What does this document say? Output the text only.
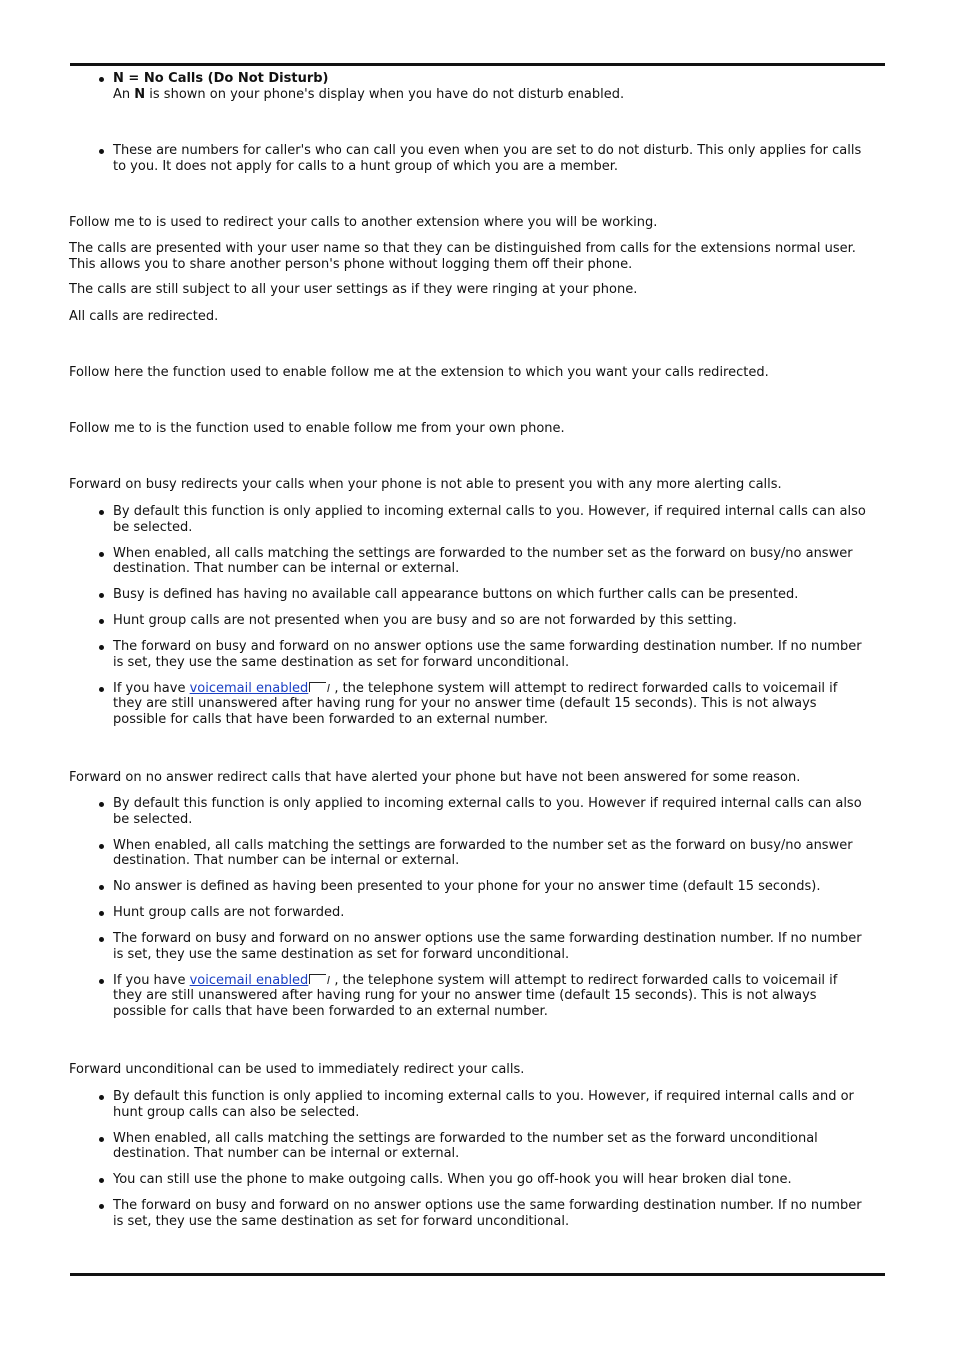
N = No Calls (Do Not Disturb)
An N is shown on your phone's display when you have do not disturb enabled.
These are numbers for caller's who can call you even when you are set to do not disturb. This only applies for calls to you. It does not apply for calls to a hunt group of which you are a member.

Follow me to is used to redirect your calls to another extension where you will be working.

The calls are presented with your user name so that they can be distinguished from calls for the extensions normal user. This allows you to share another person's phone without logging them off their phone.

The calls are still subject to all your user settings as if they were ringing at your phone.

All calls are redirected.

Follow here the function used to enable follow me at the extension to which you want your calls redirected.

Follow me to is the function used to enable follow me from your own phone.

Forward on busy redirects your calls when your phone is not able to present you with any more alerting calls.

By default this function is only applied to incoming external calls to you. However, if required internal calls can also be selected.
When enabled, all calls matching the settings are forwarded to the number set as the forward on busy/no answer destination. That number can be internal or external.
Busy is defined has having no available call appearance buttons on which further calls can be presented.
Hunt group calls are not presented when you are busy and so are not forwarded by this setting.
The forward on busy and forward on no answer options use the same forwarding destination number. If no number is set, they use the same destination as set for forward unconditional.
If you have voicemail enabled , the telephone system will attempt to redirect forwarded calls to voicemail if they are still unanswered after having rung for your no answer time (default 15 seconds). This is not always possible for calls that have been forwarded to an external number.

Forward on no answer redirect calls that have alerted your phone but have not been answered for some reason.

By default this function is only applied to incoming external calls to you. However if required internal calls can also be selected.
When enabled, all calls matching the settings are forwarded to the number set as the forward on busy/no answer destination. That number can be internal or external.
No answer is defined as having been presented to your phone for your no answer time (default 15 seconds).
Hunt group calls are not forwarded.
The forward on busy and forward on no answer options use the same forwarding destination number. If no number is set, they use the same destination as set for forward unconditional.
If you have voicemail enabled , the telephone system will attempt to redirect forwarded calls to voicemail if they are still unanswered after having rung for your no answer time (default 15 seconds). This is not always possible for calls that have been forwarded to an external number.

Forward unconditional can be used to immediately redirect your calls.

By default this function is only applied to incoming external calls to you. However, if required internal calls and or hunt group calls can also be selected.
When enabled, all calls matching the settings are forwarded to the number set as the forward unconditional destination. That number can be internal or external.
You can still use the phone to make outgoing calls. When you go off-hook you will hear broken dial tone.
The forward on busy and forward on no answer options use the same forwarding destination number. If no number is set, they use the same destination as set for forward unconditional.
